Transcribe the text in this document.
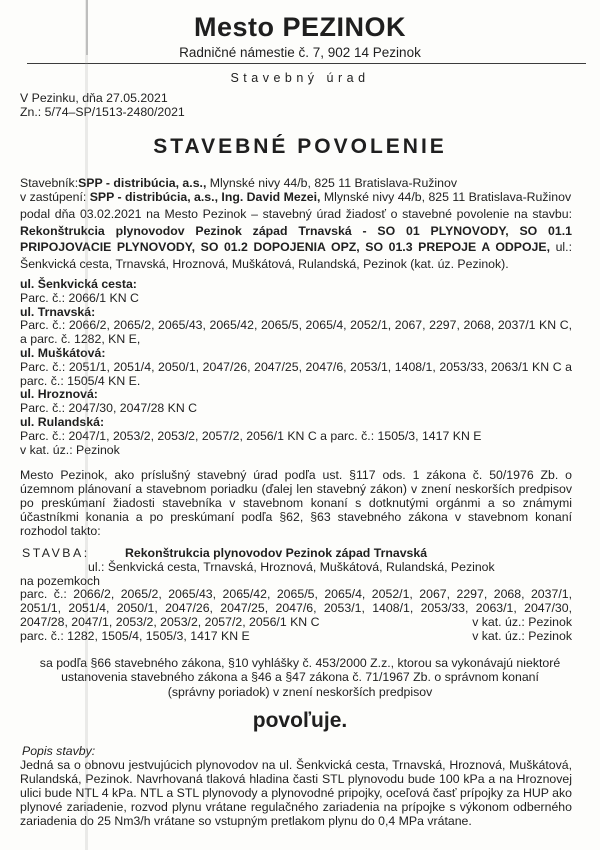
Mesto PEZINOK
Radničné námestie č. 7, 902 14 Pezinok
Stavebný úrad
V Pezinku, dňa 27.05.2021
Zn.: 5/74–SP/1513-2480/2021
STAVEBNÉ POVOLENIE
Stavebník:SPP - distribúcia, a.s., Mlynské nivy 44/b, 825 11 Bratislava-Ružinov
v zastúpení: SPP - distribúcia, a.s., Ing. David Mezei, Mlynské nivy 44/b, 825 11 Bratislava-Ružinov
podal dňa 03.02.2021 na Mesto Pezinok – stavebný úrad žiadosť o stavebné povolenie na stavbu: Rekonštrukcia plynovodov Pezinok západ Trnavská - SO 01 PLYNOVODY, SO 01.1 PRIPOJOVACIE PLYNOVODY, SO 01.2 DOPOJENIA OPZ, SO 01.3 PREPOJE A ODPOJE, ul.: Šenkvická cesta, Trnavská, Hroznová, Muškátová, Rulandská, Pezinok (kat. úz. Pezinok).
ul. Šenkvická cesta:
Parc. č.: 2066/1 KN C
ul. Trnavská:
Parc. č.: 2066/2, 2065/2, 2065/43, 2065/42, 2065/5, 2065/4, 2052/1, 2067, 2297, 2068, 2037/1 KN C, a parc. č. 1282, KN E,
ul. Muškátová:
Parc. č.: 2051/1, 2051/4, 2050/1, 2047/26, 2047/25, 2047/6, 2053/1, 1408/1, 2053/33, 2063/1 KN C a parc. č.: 1505/4 KN E.
ul. Hroznová:
Parc. č.: 2047/30, 2047/28 KN C
ul. Rulandská:
Parc. č.: 2047/1, 2053/2, 2053/2, 2057/2, 2056/1 KN C a parc. č.: 1505/3, 1417 KN E
v kat. úz.: Pezinok
Mesto Pezinok, ako príslušný stavebný úrad podľa ust. §117 ods. 1 zákona č. 50/1976 Zb. o územnom plánovaní a stavebnom poriadku (ďalej len stavebný zákon) v znení neskorších predpisov po preskúmaní žiadosti stavebníka v stavebnom konaní s dotknutými orgánmi a so známymi účastníkmi konania a po preskúmaní podľa §62, §63 stavebného zákona v stavebnom konaní rozhodol takto:
STAVBA:	Rekonštrukcia plynovodov Pezinok západ Trnavská
ul.: Šenkvická cesta, Trnavská, Hroznová, Muškátová, Rulandská, Pezinok
na pozemkoch
parc. č.: 2066/2, 2065/2, 2065/43, 2065/42, 2065/5, 2065/4, 2052/1, 2067, 2297, 2068, 2037/1,
2051/1, 2051/4, 2050/1, 2047/26, 2047/25, 2047/6, 2053/1, 1408/1, 2053/33, 2063/1, 2047/30,
2047/28, 2047/1, 2053/2, 2053/2, 2057/2, 2056/1 KN C	v kat. úz.: Pezinok
parc. č.: 1282, 1505/4, 1505/3, 1417 KN E	v kat. úz.: Pezinok
sa podľa §66 stavebného zákona, §10 vyhlášky č. 453/2000 Z.z., ktorou sa vykonávajú niektoré ustanovenia stavebného zákona a §46 a §47 zákona č. 71/1967 Zb. o správnom konaní (správny poriadok) v znení neskorších predpisov
povoľuje.
Popis stavby:
Jedná sa o obnovu jestvujúcich plynovodov na ul. Šenkvická cesta, Trnavská, Hroznová, Muškátová, Rulandská, Pezinok. Navrhovaná tlaková hladina časti STL plynovodu bude 100 kPa a na Hroznovej ulici bude NTL 4 kPa. NTL a STL plynovody a plynovodné pripojky, oceľová časť prípojky za HUP ako plynové zariadenie, rozvod plynu vrátane regulačného zariadenia na prípojke s výkonom odberného zariadenia do 25 Nm3/h vrátane so vstupným pretlakom plynu do 0,4 MPa vrátane.
